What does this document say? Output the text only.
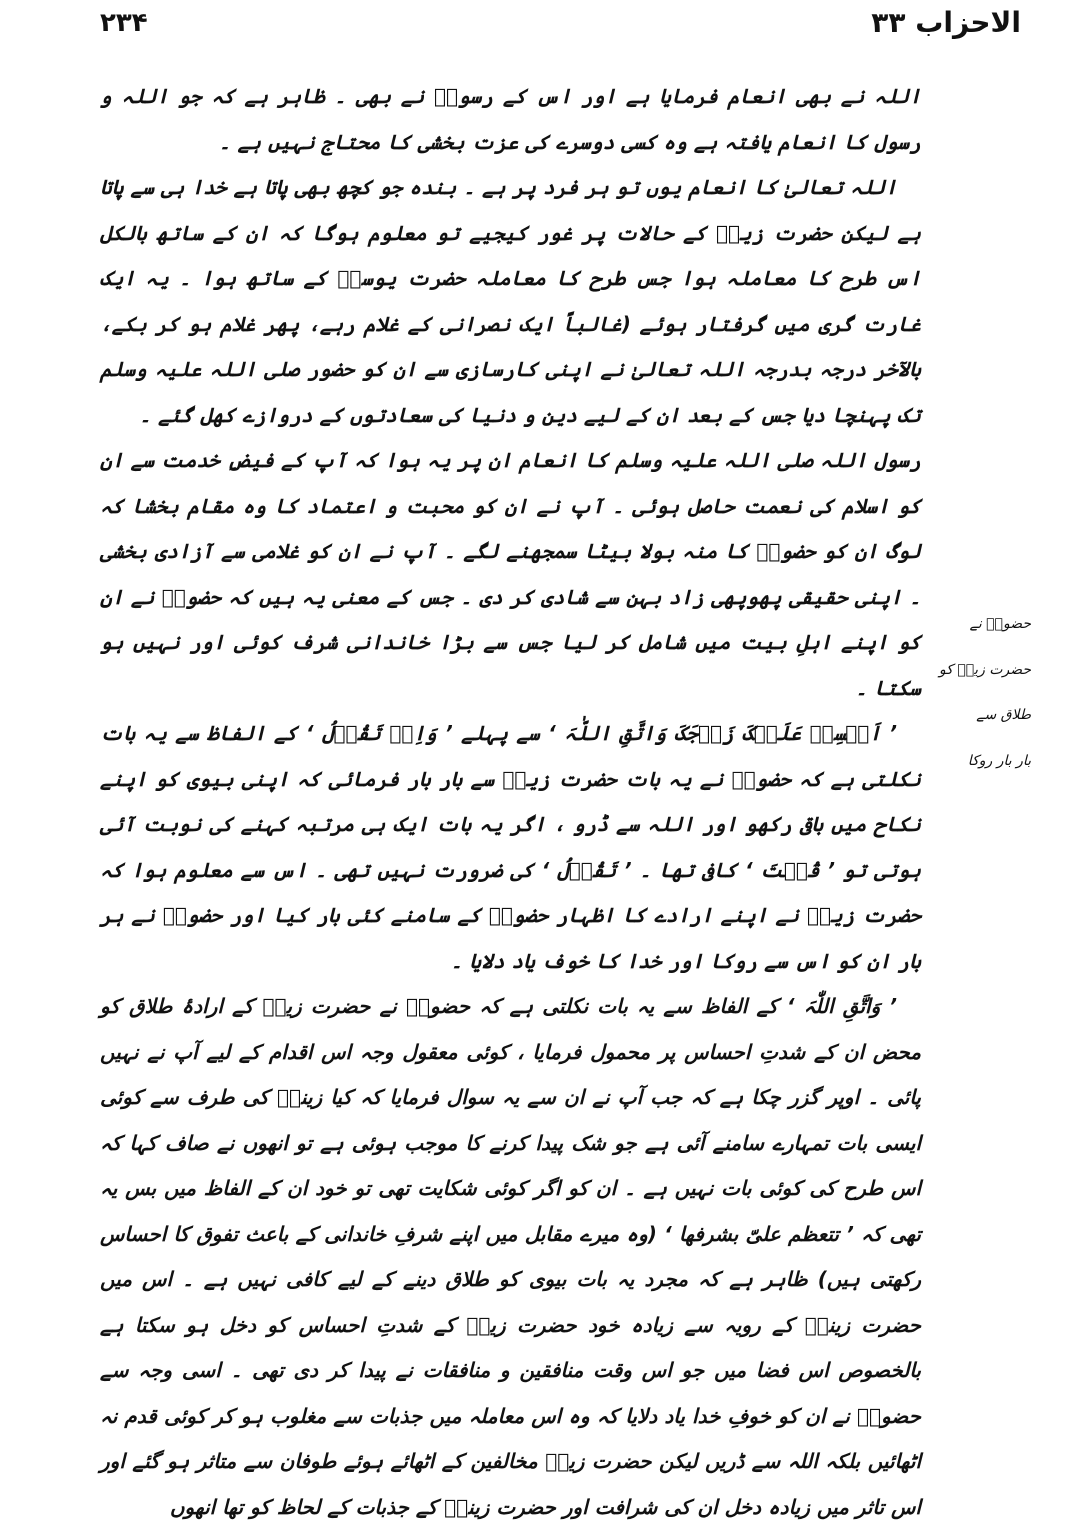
۲۳۴	الاحزاب ۳۳

اللہ نے بھی انعام فرمایا ہے اور اس کے رسولؐ نے بھی ۔ ظاہر ہے کہ جو اللہ و رسول کا انعام یافتہ ہے وہ کسی دوسرے کی عزت بخشی کا محتاج نہیں ہے ۔

اللہ تعالیٰ کا انعام یوں تو ہر فرد پر ہے ۔ بندہ جو کچھ بھی پاتا ہے خدا ہی سے پاتا ہے لیکن حضرت زیدؓ کے حالات پر غور کیجیے تو معلوم ہوگا کہ ان کے ساتھ بالکل اس طرح کا معاملہ ہوا جس طرح کا معاملہ حضرت یوسفؑ کے ساتھ ہوا ۔ یہ ایک غارت گری میں گرفتار ہوئے (غالباً ایک نصرانی کے غلام رہے، پھر غلام ہو کر بکے، بالآخر درجہ بدرجہ اللہ تعالیٰ نے اپنی کارسازی سے ان کو حضور صلی اللہ علیہ وسلم تک پہنچا دیا جس کے بعد ان کے لیے دین و دنیا کی سعادتوں کے دروازے کھل گئے ۔

رسول اللہ صلی اللہ علیہ وسلم کا انعام ان پر یہ ہوا کہ آپ کے فیضِ خدمت سے ان کو اسلام کی نعمت حاصل ہوئی ۔ آپ نے ان کو محبت و اعتماد کا وہ مقام بخشا کہ لوگ ان کو حضورؐ کا منہ بولا بیٹا سمجھنے لگے ۔ آپ نے ان کو غلامی سے آزادی بخشی ۔ اپنی حقیقی پھوپھی زاد بہن سے شادی کر دی ۔ جس کے معنی یہ ہیں کہ حضورؐ نے ان کو اپنے اہلِ بیت میں شامل کر لیا جس سے بڑا خاندانی شرف کوئی اور نہیں ہو سکتا ۔

’ اَمۡسِکۡ عَلَیۡکَ زَوۡجَکَ وَاتَّقِ اللّٰہَ ‘ سے پہلے ’ وَاِذۡ تَقُوۡلُ ‘ کے الفاظ سے یہ بات نکلتی ہے کہ حضورؐ نے یہ بات حضرت زیدؓ سے بار بار فرمائی کہ اپنی بیوی کو اپنے نکاح میں باقی رکھو اور اللہ سے ڈرو ، اگر یہ بات ایک ہی مرتبہ کہنے کی نوبت آئی ہوتی تو ’ قُلۡتَ ‘ کافی تھا ۔ ’ تَقُوۡلُ ‘ کی ضرورت نہیں تھی ۔ اس سے معلوم ہوا کہ حضرت زیدؓ نے اپنے ارادے کا اظہار حضورؐ کے سامنے کئی بار کیا اور حضورؐ نے ہر بار ان کو اس سے روکا اور خدا کا خوف یاد دلایا ۔

’ وَاتَّقِ اللّٰہَ ‘ کے الفاظ سے یہ بات نکلتی ہے کہ حضورؐ نے حضرت زیدؓ کے ارادۂ طلاق کو محض ان کے شدتِ احساس پر محمول فرمایا ، کوئی معقول وجہ اس اقدام کے لیے آپ نے نہیں پائی ۔ اوپر گزر چکا ہے کہ جب آپ نے ان سے یہ سوال فرمایا کہ کیا زینبؓ کی طرف سے کوئی ایسی بات تمہارے سامنے آئی ہے جو شک پیدا کرنے کا موجب ہوئی ہے تو انھوں نے صاف کہا کہ اس طرح کی کوئی بات نہیں ہے ۔ ان کو اگر کوئی شکایت تھی تو خود ان کے الفاظ میں بس یہ تھی کہ ’ تتعظم علیّ بشرفھا ‘ (وہ میرے مقابل میں اپنے شرفِ خاندانی کے باعث تفوق کا احساس رکھتی ہیں) ظاہر ہے کہ مجرد یہ بات بیوی کو طلاق دینے کے لیے کافی نہیں ہے ۔ اس میں حضرت زینبؓ کے رویہ سے زیادہ خود حضرت زیدؓ کے شدتِ احساس کو دخل ہو سکتا ہے بالخصوص اس فضا میں جو اس وقت منافقین و منافقات نے پیدا کر دی تھی ۔ اسی وجہ سے حضورؐ نے ان کو خوفِ خدا یاد دلایا کہ وہ اس معاملہ میں جذبات سے مغلوب ہو کر کوئی قدم نہ اٹھائیں بلکہ اللہ سے ڈریں لیکن حضرت زیدؓ مخالفین کے اٹھائے ہوئے طوفان سے متاثر ہو گئے اور اس تاثر میں زیادہ دخل ان کی شرافت اور حضرت زینبؓ کے جذبات کے لحاظ کو تھا انھوں

حضورؐ نے
حضرت زیدؓ کو
طلاق سے
بار بار روکا
